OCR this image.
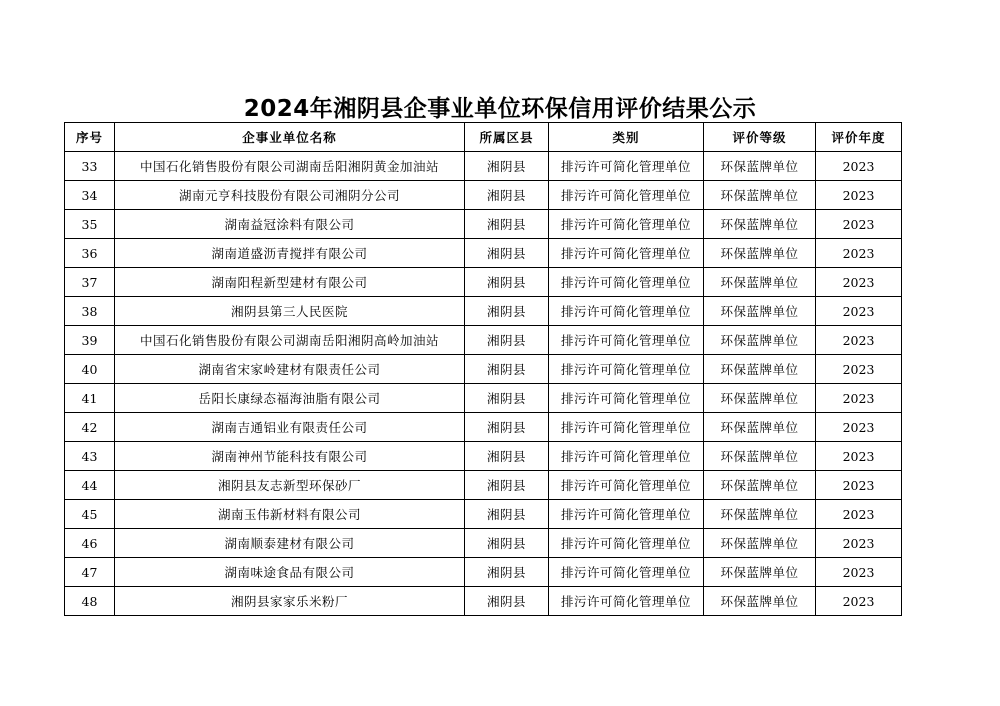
2024年湘阴县企事业单位环保信用评价结果公示
序号	企事业单位名称	所属区县	类别	评价等级	评价年度
33	中国石化销售股份有限公司湖南岳阳湘阴黄金加油站	湘阴县	排污许可简化管理单位	环保蓝牌单位	2023
34	湖南元亨科技股份有限公司湘阴分公司	湘阴县	排污许可简化管理单位	环保蓝牌单位	2023
35	湖南益冠涂料有限公司	湘阴县	排污许可简化管理单位	环保蓝牌单位	2023
36	湖南道盛沥青搅拌有限公司	湘阴县	排污许可简化管理单位	环保蓝牌单位	2023
37	湖南阳程新型建材有限公司	湘阴县	排污许可简化管理单位	环保蓝牌单位	2023
38	湘阴县第三人民医院	湘阴县	排污许可简化管理单位	环保蓝牌单位	2023
39	中国石化销售股份有限公司湖南岳阳湘阴高岭加油站	湘阴县	排污许可简化管理单位	环保蓝牌单位	2023
40	湖南省宋家岭建材有限责任公司	湘阴县	排污许可简化管理单位	环保蓝牌单位	2023
41	岳阳长康绿态福海油脂有限公司	湘阴县	排污许可简化管理单位	环保蓝牌单位	2023
42	湖南吉通铝业有限责任公司	湘阴县	排污许可简化管理单位	环保蓝牌单位	2023
43	湖南神州节能科技有限公司	湘阴县	排污许可简化管理单位	环保蓝牌单位	2023
44	湘阴县友志新型环保砂厂	湘阴县	排污许可简化管理单位	环保蓝牌单位	2023
45	湖南玉伟新材料有限公司	湘阴县	排污许可简化管理单位	环保蓝牌单位	2023
46	湖南顺泰建材有限公司	湘阴县	排污许可简化管理单位	环保蓝牌单位	2023
47	湖南味途食品有限公司	湘阴县	排污许可简化管理单位	环保蓝牌单位	2023
48	湘阴县家家乐米粉厂	湘阴县	排污许可简化管理单位	环保蓝牌单位	2023
